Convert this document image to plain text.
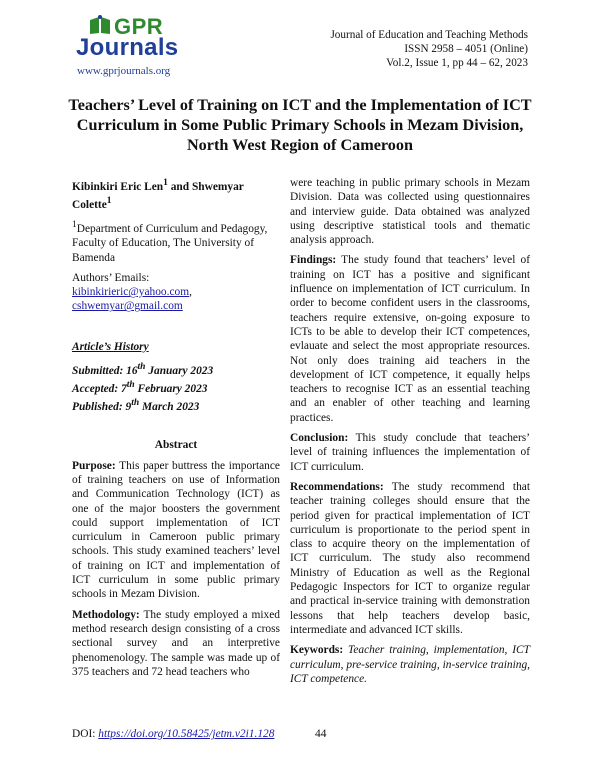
GPR
Journals
www.gprjournals.org
Journal of Education and Teaching Methods
ISSN 2958 – 4051 (Online)
Vol.2, Issue 1, pp 44 – 62, 2023
Teachers’ Level of Training on ICT and the Implementation of ICT Curriculum in Some Public Primary Schools in Mezam Division, North West Region of Cameroon

Kibinkiri Eric Len$^1$ and Shwemyar
Colette$^1$

$^1$Department of Curriculum and Pedagogy, Faculty of Education, The University of Bamenda

Authors’ Emails:
kibinkirieric@yahoo.com,
cshwemyar@gmail.com
Article’s History

Submitted: 16th January 2023

Accepted: 7th February 2023

Published: 9th March 2023

Abstract

Purpose: This paper buttress the importance of training teachers on use of Information and Communication Technology (ICT) as one of the major boosters the government could support implementation of ICT curriculum in Cameroon public primary schools. This study examined teachers’ level of training on ICT and implementation of ICT curriculum in some public primary schools in Mezam Division.

Methodology: The study employed a mixed method research design consisting of a cross sectional survey and an interpretive phenomenology. The sample was made up of 375 teachers and 72 head teachers who

were teaching in public primary schools in Mezam Division. Data was collected using questionnaires and interview guide. Data obtained was analyzed using descriptive statistical tools and thematic analysis approach.

Findings: The study found that teachers’ level of training on ICT has a positive and significant influence on implementation of ICT curriculum. In order to become confident users in the classrooms, teachers require extensive, on-going exposure to ICTs to be able to develop their ICT competences, evlauate and select the most appropriate resources. Not only does training aid teachers in the development of ICT competence, it equally helps teachers to recognise ICT as an essential teaching and an enabler of other teaching and learning practices.

Conclusion: This study conclude that teachers’ level of training influences the implementation of ICT curriculum.

Recommendations: The study recommend that teacher training colleges should ensure that the period given for practical implementation of ICT curriculum is proportionate to the period spent in class to acquire theory on the implementation of ICT curriculum. The study also recommend Ministry of Education as well as the Regional Pedagogic Inspectors for ICT to organize regular and practical in-service training with demonstration lessons that help teachers develop basic, intermediate and advanced ICT skills.

Keywords: Teacher training, implementation, ICT curriculum, pre-service training, in-service training, ICT competence.

DOI: https://doi.org/10.58425/jetm.v2i1.128	44
